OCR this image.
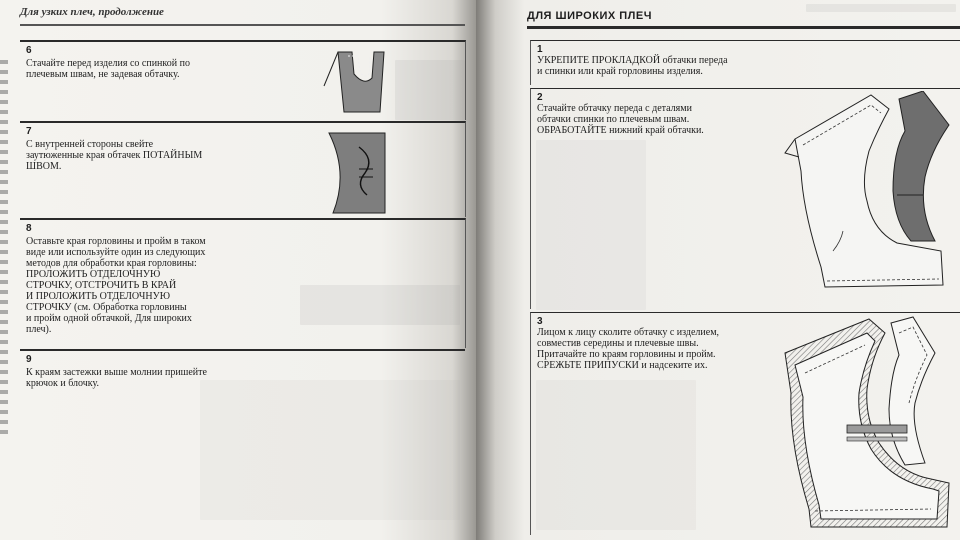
Для узких плеч, продолжение
6
Стачайте перед изделия со спинкой по
плечевым швам, не задевая обтачку.
7
С внутренней стороны свейте
заутюженные края обтачек ПОТАЙНЫМ
ШВОМ.
8
Оставьте края горловины и пройм в таком
виде или используйте один из следующих
методов для обработки края горловины:
ПРОЛОЖИТЬ ОТДЕЛОЧНУЮ
СТРОЧКУ, ОТСТРОЧИТЬ В КРАЙ
И ПРОЛОЖИТЬ ОТДЕЛОЧНУЮ
СТРОЧКУ (см. Обработка горловины
и пройм одной обтачкой, Для широких
плеч).
9
К краям застежки выше молнии пришейте
крючок и блочку.
ДЛЯ ШИРОКИХ ПЛЕЧ
1
УКРЕПИТЕ ПРОКЛАДКОЙ обтачки переда
и спинки или край горловины изделия.
2
Стачайте обтачку переда с деталями
обтачки спинки по плечевым швам.
ОБРАБОТАЙТЕ нижний край обтачки.
3
Лицом к лицу сколите обтачку с изделием,
совместив середины и плечевые швы.
Притачайте по краям горловины и пройм.
СРЕЖЬТЕ ПРИПУСКИ и надсеките их.
